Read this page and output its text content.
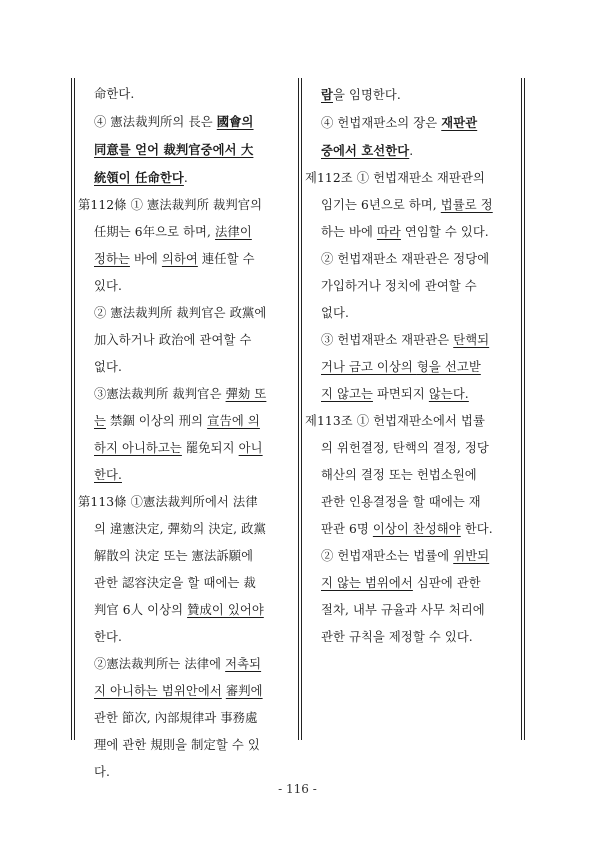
命한다.
④ 憲法裁判所의 長은 國會의
同意를 얻어 裁判官중에서 大
統領이 任命한다.
第112條 ① 憲法裁判所 裁判官의
任期는 6年으로 하며, 法律이
정하는 바에 의하여 連任할 수
있다.
② 憲法裁判所 裁判官은 政黨에
加入하거나 政治에 관여할 수
없다.
③憲法裁判所 裁判官은 彈劾 또
는 禁錮 이상의 刑의 宣告에 의
하지 아니하고는 罷免되지 아니
한다.
第113條 ①憲法裁判所에서 法律
의 違憲決定, 彈劾의 決定, 政黨
解散의 決定 또는 憲法訴願에
관한 認容決定을 할 때에는 裁
判官 6人 이상의 贊成이 있어야
한다.
②憲法裁判所는 法律에 저촉되
지 아니하는 범위안에서 審判에
관한 節次, 內部規律과 事務處
理에 관한 規則을 制定할 수 있
다.
람을 임명한다.
④ 헌법재판소의 장은 재판관
중에서 호선한다.
제112조 ① 헌법재판소 재판관의
임기는 6년으로 하며, 법률로 정
하는 바에 따라 연임할 수 있다.
② 헌법재판소 재판관은 정당에
가입하거나 정치에 관여할 수
없다.
③ 헌법재판소 재판관은 탄핵되
거나 금고 이상의 형을 선고받
지 않고는 파면되지 않는다.
제113조 ① 헌법재판소에서 법률
의 위헌결정, 탄핵의 결정, 정당
해산의 결정 또는 헌법소원에
관한 인용결정을 할 때에는 재
판관 6명 이상이 찬성해야 한다.
② 헌법재판소는 법률에 위반되
지 않는 범위에서 심판에 관한
절차, 내부 규율과 사무 처리에
관한 규칙을 제정할 수 있다.
- 116 -
